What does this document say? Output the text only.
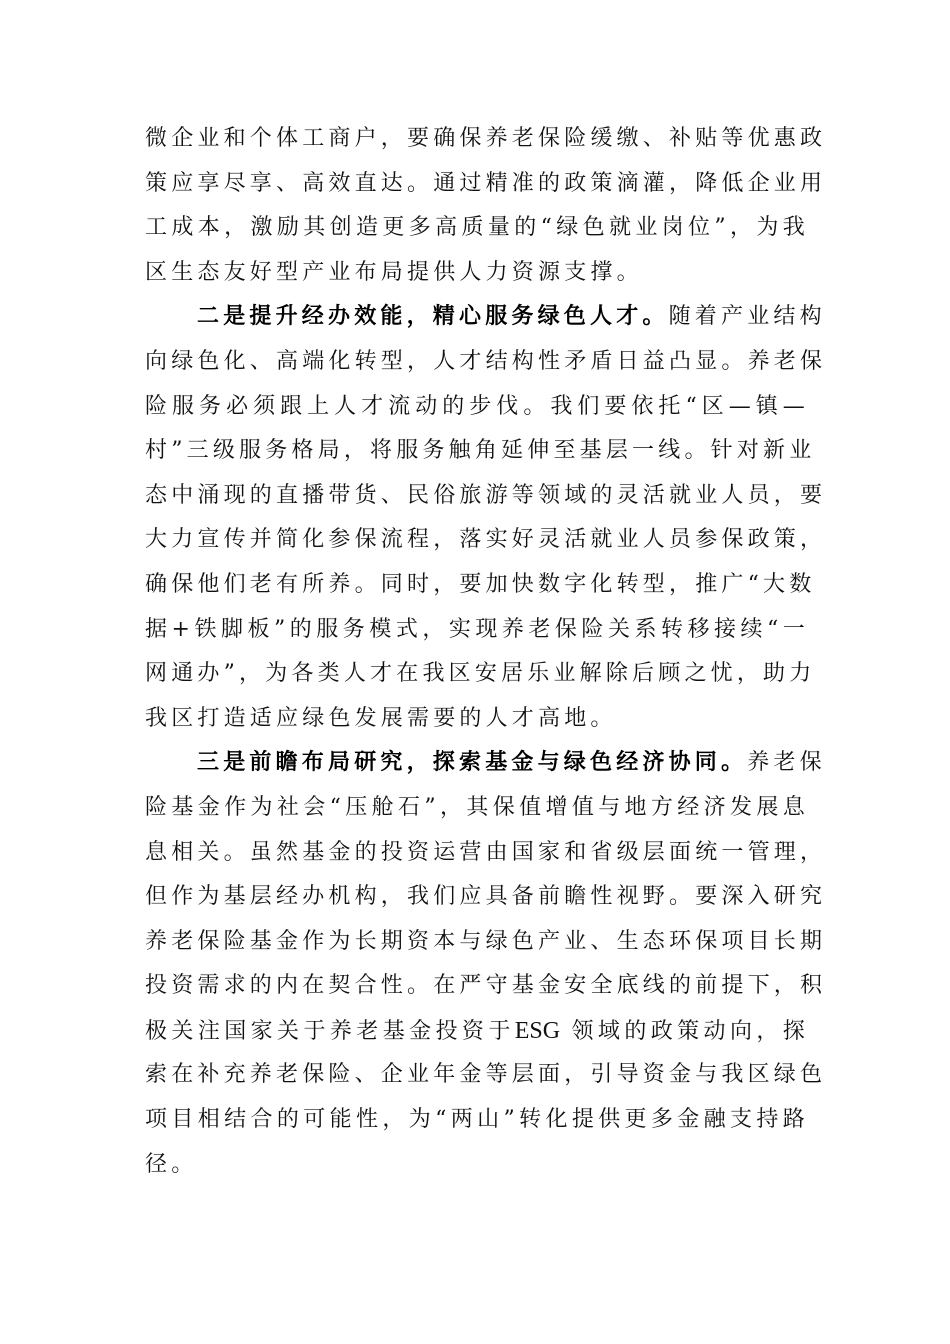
微企业和个体工商户，要确保养老保险缓缴、补贴等优惠政
策应享尽享、高效直达。通过精准的政策滴灌，降低企业用
工成本，激励其创造更多高质量的“绿色就业岗位”，为我
区生态友好型产业布局提供人力资源支撑。
二是提升经办效能，精心服务绿色人才。随着产业结构
向绿色化、高端化转型，人才结构性矛盾日益凸显。养老保
险服务必须跟上人才流动的步伐。我们要依托“区—镇—
村”三级服务格局，将服务触角延伸至基层一线。针对新业
态中涌现的直播带货、民俗旅游等领域的灵活就业人员，要
大力宣传并简化参保流程，落实好灵活就业人员参保政策，
确保他们老有所养。同时，要加快数字化转型，推广“大数
据+铁脚板”的服务模式，实现养老保险关系转移接续“一
网通办”，为各类人才在我区安居乐业解除后顾之忧，助力
我区打造适应绿色发展需要的人才高地。
三是前瞻布局研究，探索基金与绿色经济协同。养老保
险基金作为社会“压舱石”，其保值增值与地方经济发展息
息相关。虽然基金的投资运营由国家和省级层面统一管理，
但作为基层经办机构，我们应具备前瞻性视野。要深入研究
养老保险基金作为长期资本与绿色产业、生态环保项目长期
投资需求的内在契合性。在严守基金安全底线的前提下，积
极关注国家关于养老基金投资于ESG 领域的政策动向，探
索在补充养老保险、企业年金等层面，引导资金与我区绿色
项目相结合的可能性，为“两山”转化提供更多金融支持路
径。
